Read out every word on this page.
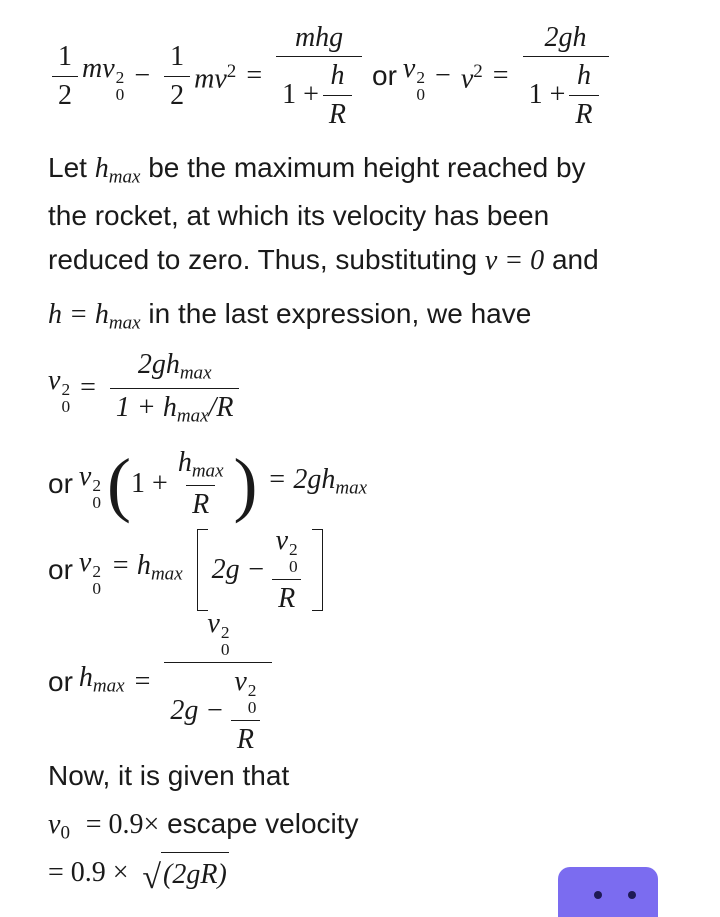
$\frac{1}{2}$ mv 2
0
− $\frac{1}{2} mv^2 = \frac{\text{mhg}}{1 + \frac{h}{R}}$ or v 2
0
− $v^2 = \frac{2gh}{1 + \frac{h}{R}}$
Let $h_{max}$ be the maximum height reached by
the rocket, at which its velocity has been
reduced to zero. Thus, substituting v = 0 and
$h = h_{max}$ in the last expression, we have
v 2
0
= $\frac{2gh_{max}}{1 + h_{max}/R}$
or v 2
0 ( $1 + \frac{h_{max}}{R}$ ) = $2gh_{max}$
or v 2
0
= $h_{max}$ 2g − v 2
0
R
or $h_{max} = v$ 2
0
2g − v 2
0
R
Now, it is given that
$v_0 = 0.9\times$ escape velocity
= 0.9 × √ (2gR)
